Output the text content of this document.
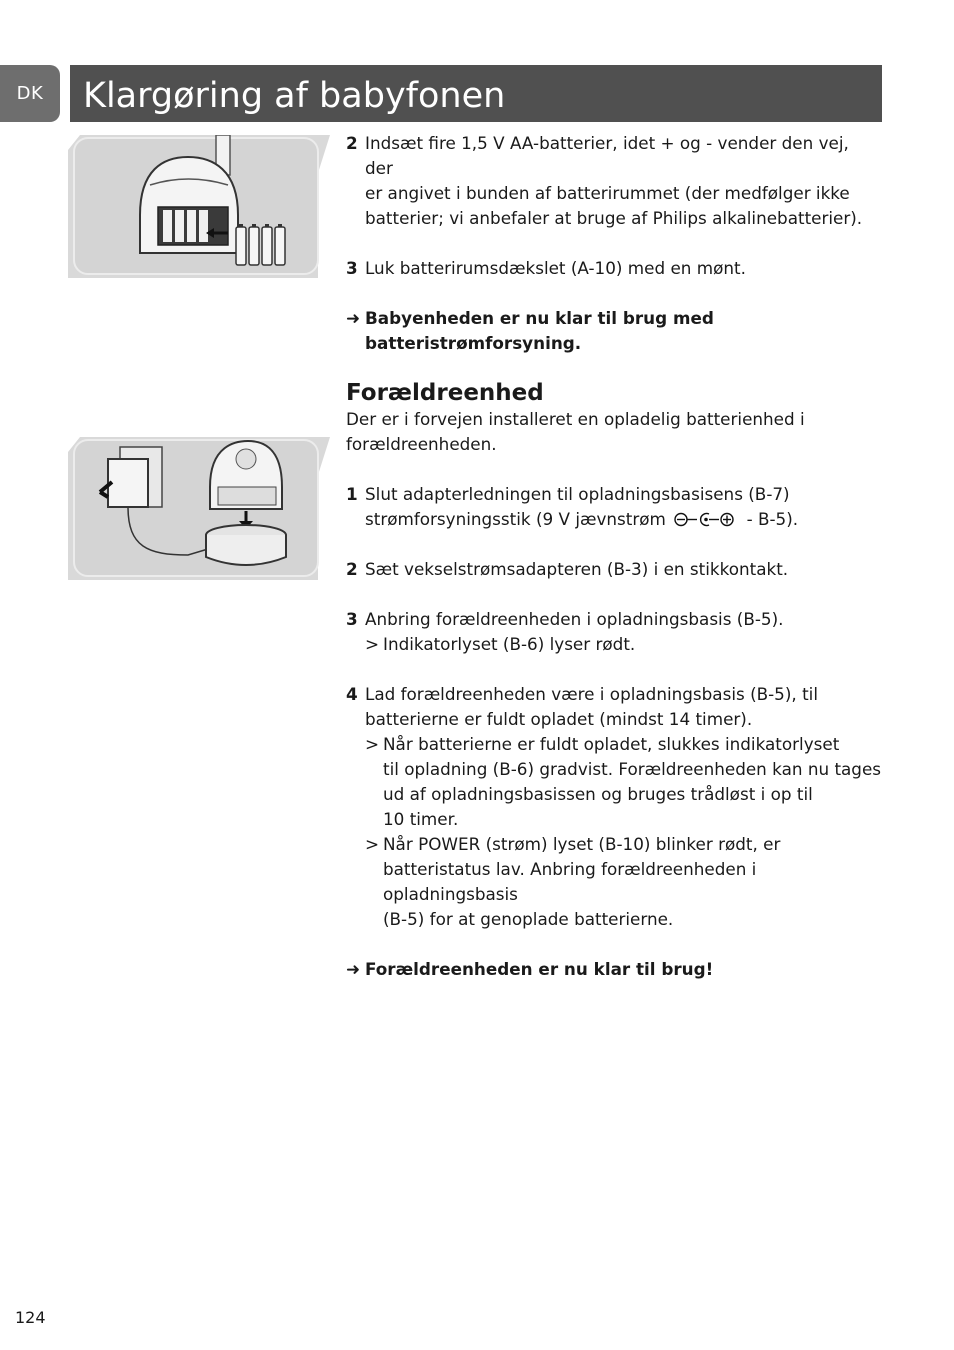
DK	Klargøring af babyfonen
2 Indsæt fire 1,5 V AA-batterier, idet + og - vender den vej, der
er angivet i bunden af batterirummet (der medfølger ikke
batterier; vi anbefaler at bruge af Philips alkalinebatterier).
3 Luk batterirumsdækslet (A-10) med en mønt.
➜ Babyenheden er nu klar til brug med
batteristrømforsyning.
Forældreenhed
Der er i forvejen installeret en opladelig batterienhed i
forældreenheden.
1 Slut adapterledningen til opladningsbasisens (B-7)
strømforsyningsstik (9 V jævnstrøm	- B-5).
2 Sæt vekselstrømsadapteren (B-3) i en stikkontakt.
3 Anbring forældreenheden i opladningsbasis (B-5).
> Indikatorlyset (B-6) lyser rødt.
4 Lad forældreenheden være i opladningsbasis (B-5), til
batterierne er fuldt opladet (mindst 14 timer).
> Når batterierne er fuldt opladet, slukkes indikatorlyset
til opladning (B-6) gradvist. Forældreenheden kan nu tages
ud af opladningsbasissen og bruges trådløst i op til
10 timer.
> Når POWER (strøm) lyset (B-10) blinker rødt, er
batteristatus lav. Anbring forældreenheden i opladningsbasis
(B-5) for at genoplade batterierne.
➜ Forældreenheden er nu klar til brug!
124
